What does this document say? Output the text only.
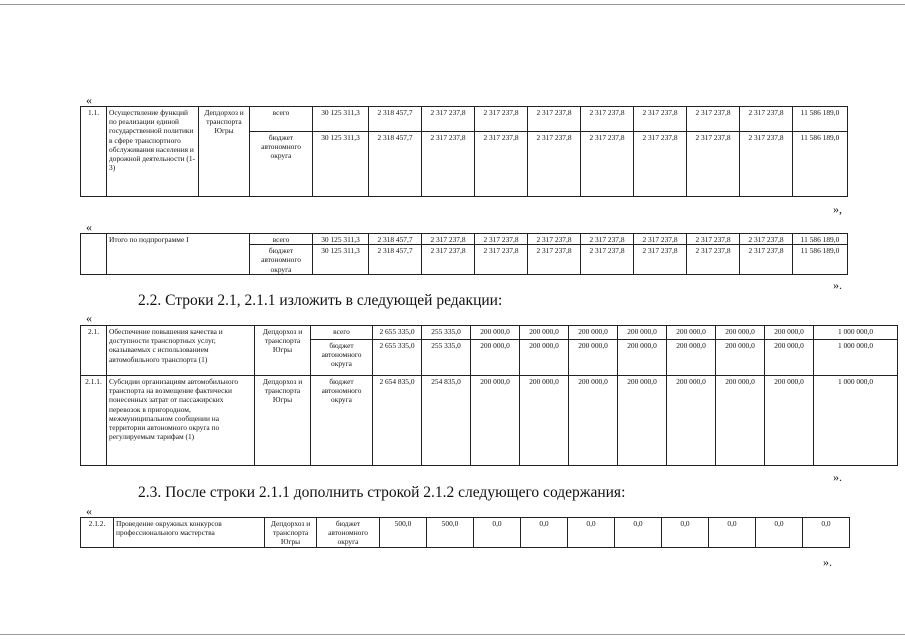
«
1.1.	Осуществление функций по реализации единой государственной политики в сфере транспортного обслуживания населения и дорожной деятельности (1-3)	Депдорхоз и транспорта Югры	всего	30 125 311,3	2 318 457,7	2 317 237,8	2 317 237,8	2 317 237,8	2 317 237,8	2 317 237,8	2 317 237,8	2 317 237,8	11 586 189,0
			бюджет автономного округа	30 125 311,3	2 318 457,7	2 317 237,8	2 317 237,8	2 317 237,8	2 317 237,8	2 317 237,8	2 317 237,8	2 317 237,8	11 586 189,0
»,
«
	Итого по подпрограмме I	всего	30 125 311,3	2 318 457,7	2 317 237,8	2 317 237,8	2 317 237,8	2 317 237,8	2 317 237,8	2 317 237,8	2 317 237,8	11 586 189,0
		бюджет автономного округа	30 125 311,3	2 318 457,7	2 317 237,8	2 317 237,8	2 317 237,8	2 317 237,8	2 317 237,8	2 317 237,8	2 317 237,8	11 586 189,0
».
2.2. Строки 2.1, 2.1.1 изложить в следующей редакции:
«
2.1.	Обеспечение повышения качества и доступности транспортных услуг, оказываемых с использованием автомобильного транспорта (1)	Депдорхоз и транспорта Югры	всего	2 655 335,0	255 335,0	200 000,0	200 000,0	200 000,0	200 000,0	200 000,0	200 000,0	200 000,0	1 000 000,0
			бюджет автономного округа	2 655 335,0	255 335,0	200 000,0	200 000,0	200 000,0	200 000,0	200 000,0	200 000,0	200 000,0	1 000 000,0
2.1.1.	Субсидии организациям автомобильного транспорта на возмещение фактически понесенных затрат от пассажирских перевозок в пригородном, межмуниципальном сообщении на территории автономного округа по регулируемым тарифам (1)	Депдорхоз и транспорта Югры	бюджет автономного округа	2 654 835,0	254 835,0	200 000,0	200 000,0	200 000,0	200 000,0	200 000,0	200 000,0	200 000,0	1 000 000,0
».
2.3. После строки 2.1.1 дополнить строкой 2.1.2 следующего содержания:
«
2.1.2.	Проведение окружных конкурсов профессионального мастерства	Депдорхоз и транспорта Югры	бюджет автономного округа	500,0	500,0	0,0	0,0	0,0	0,0	0,0	0,0	0,0	0,0
».
